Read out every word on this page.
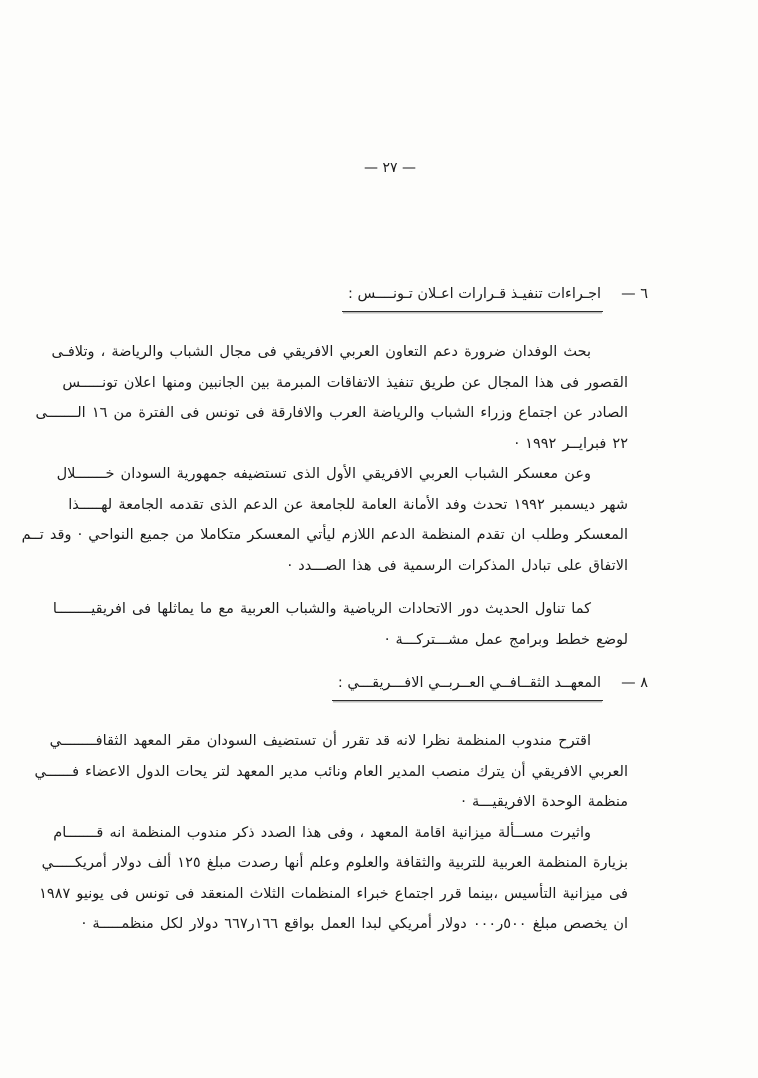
— ٢٧ —
٦ —
اجـراءات تنفيـذ قـرارات اعـلان تـونــــس :
بحث الوفدان ضرورة دعم التعاون العربي الافريقي فى مجال الشباب والرياضة ، وتلافـى
القصور فى هذا المجال عن طريق تنفيذ الاتفاقات المبرمة بين الجانبين ومنها اعلان تونـــــس
الصادر عن اجتماع وزراء الشباب والرياضة العرب والافارقة فى تونس فى الفترة من ١٦ الـــــــى
٢٢ فبرايــر ١٩٩٢ ·
وعن معسكر الشباب العربي الافريقي الأول الذى تستضيفه جمهورية السودان خـــــــلال
شهر ديسمبر ١٩٩٢ تحدث وفد الأمانة العامة للجامعة عن الدعم الذى تقدمه الجامعة لهـــــذا
المعسكر وطلب ان تقدم المنظمة الدعم اللازم ليأتي المعسكر متكاملا من جميع النواحي · وقد تــم
الاتفاق على تبادل المذكرات الرسمية فى هذا الصـــدد ·
كما تناول الحديث دور الاتحادات الرياضية والشباب العربية مع ما يماثلها فى افريقيــــــــا
لوضع خطط وبرامج عمل مشـــتركـــة ·
٨ —
المعهــد الثقــافــي العــربــي الافـــريقـــي :
اقترح مندوب المنظمة نظرا لانه قد تقرر أن تستضيف السودان مقر المعهد الثقافــــــــي
العربي الافريقي أن يترك منصب المدير العام ونائب مدير المعهد لتر يحات الدول الاعضاء فــــــي
منظمة الوحدة الافريقيـــة ·
واثيرت مســألة ميزانية اقامة المعهد ، وفى هذا الصدد ذكر مندوب المنظمة انه قـــــــام
بزيارة المنظمة العربية للتربية والثقافة والعلوم وعلم أنها رصدت مبلغ ١٢٥ ألف دولار أمريكـــــي
فى ميزانية التأسيس ،بينما قرر اجتماع خبراء المنظمات الثلاث المنعقد فى تونس فى يونيو ١٩٨٧
ان يخصص مبلغ ٥٠٠ر٠٠٠ دولار أمريكي لبدا العمل بواقع ١٦٦ر٦٦٧ دولار لكل منظمـــــة ·
